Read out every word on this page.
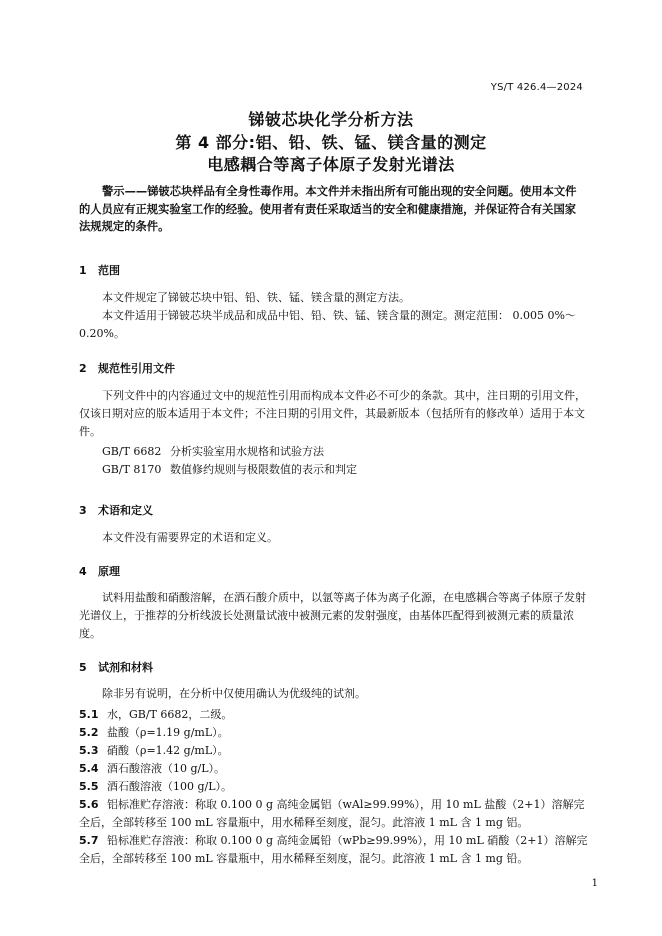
YS/T 426.4—2024
锑铍芯块化学分析方法
第 4 部分:铝、铅、铁、锰、镁含量的测定
电感耦合等离子体原子发射光谱法
警示——锑铍芯块样品有全身性毒作用。本文件并未指出所有可能出现的安全问题。使用本文件的人员应有正规实验室工作的经验。使用者有责任采取适当的安全和健康措施，并保证符合有关国家法规规定的条件。
1 范围
本文件规定了锑铍芯块中铝、铅、铁、锰、镁含量的测定方法。
本文件适用于锑铍芯块半成品和成品中铝、铅、铁、锰、镁含量的测定。测定范围： 0.005 0%～0.20%。
2 规范性引用文件
下列文件中的内容通过文中的规范性引用而构成本文件必不可少的条款。其中，注日期的引用文件，仅该日期对应的版本适用于本文件；不注日期的引用文件，其最新版本（包括所有的修改单）适用于本文件。
GB/T 6682 分析实验室用水规格和试验方法
GB/T 8170 数值修约规则与极限数值的表示和判定
3 术语和定义
本文件没有需要界定的术语和定义。
4 原理
试料用盐酸和硝酸溶解，在酒石酸介质中，以氩等离子体为离子化源，在电感耦合等离子体原子发射光谱仪上，于推荐的分析线波长处测量试液中被测元素的发射强度，由基体匹配得到被测元素的质量浓度。
5 试剂和材料
除非另有说明，在分析中仅使用确认为优级纯的试剂。
5.1 水，GB/T 6682，二级。
5.2 盐酸（ρ=1.19 g/mL）。
5.3 硝酸（ρ=1.42 g/mL）。
5.4 酒石酸溶液（10 g/L）。
5.5 酒石酸溶液（100 g/L）。
5.6 铝标准贮存溶液：称取 0.100 0 g 高纯金属铝（wAl≥99.99%），用 10 mL 盐酸（2+1）溶解完全后，全部转移至 100 mL 容量瓶中，用水稀释至刻度，混匀。此溶液 1 mL 含 1 mg 铝。
5.7 铅标准贮存溶液：称取 0.100 0 g 高纯金属铅（wPb≥99.99%），用 10 mL 硝酸（2+1）溶解完全后，全部转移至 100 mL 容量瓶中，用水稀释至刻度，混匀。此溶液 1 mL 含 1 mg 铅。
1
